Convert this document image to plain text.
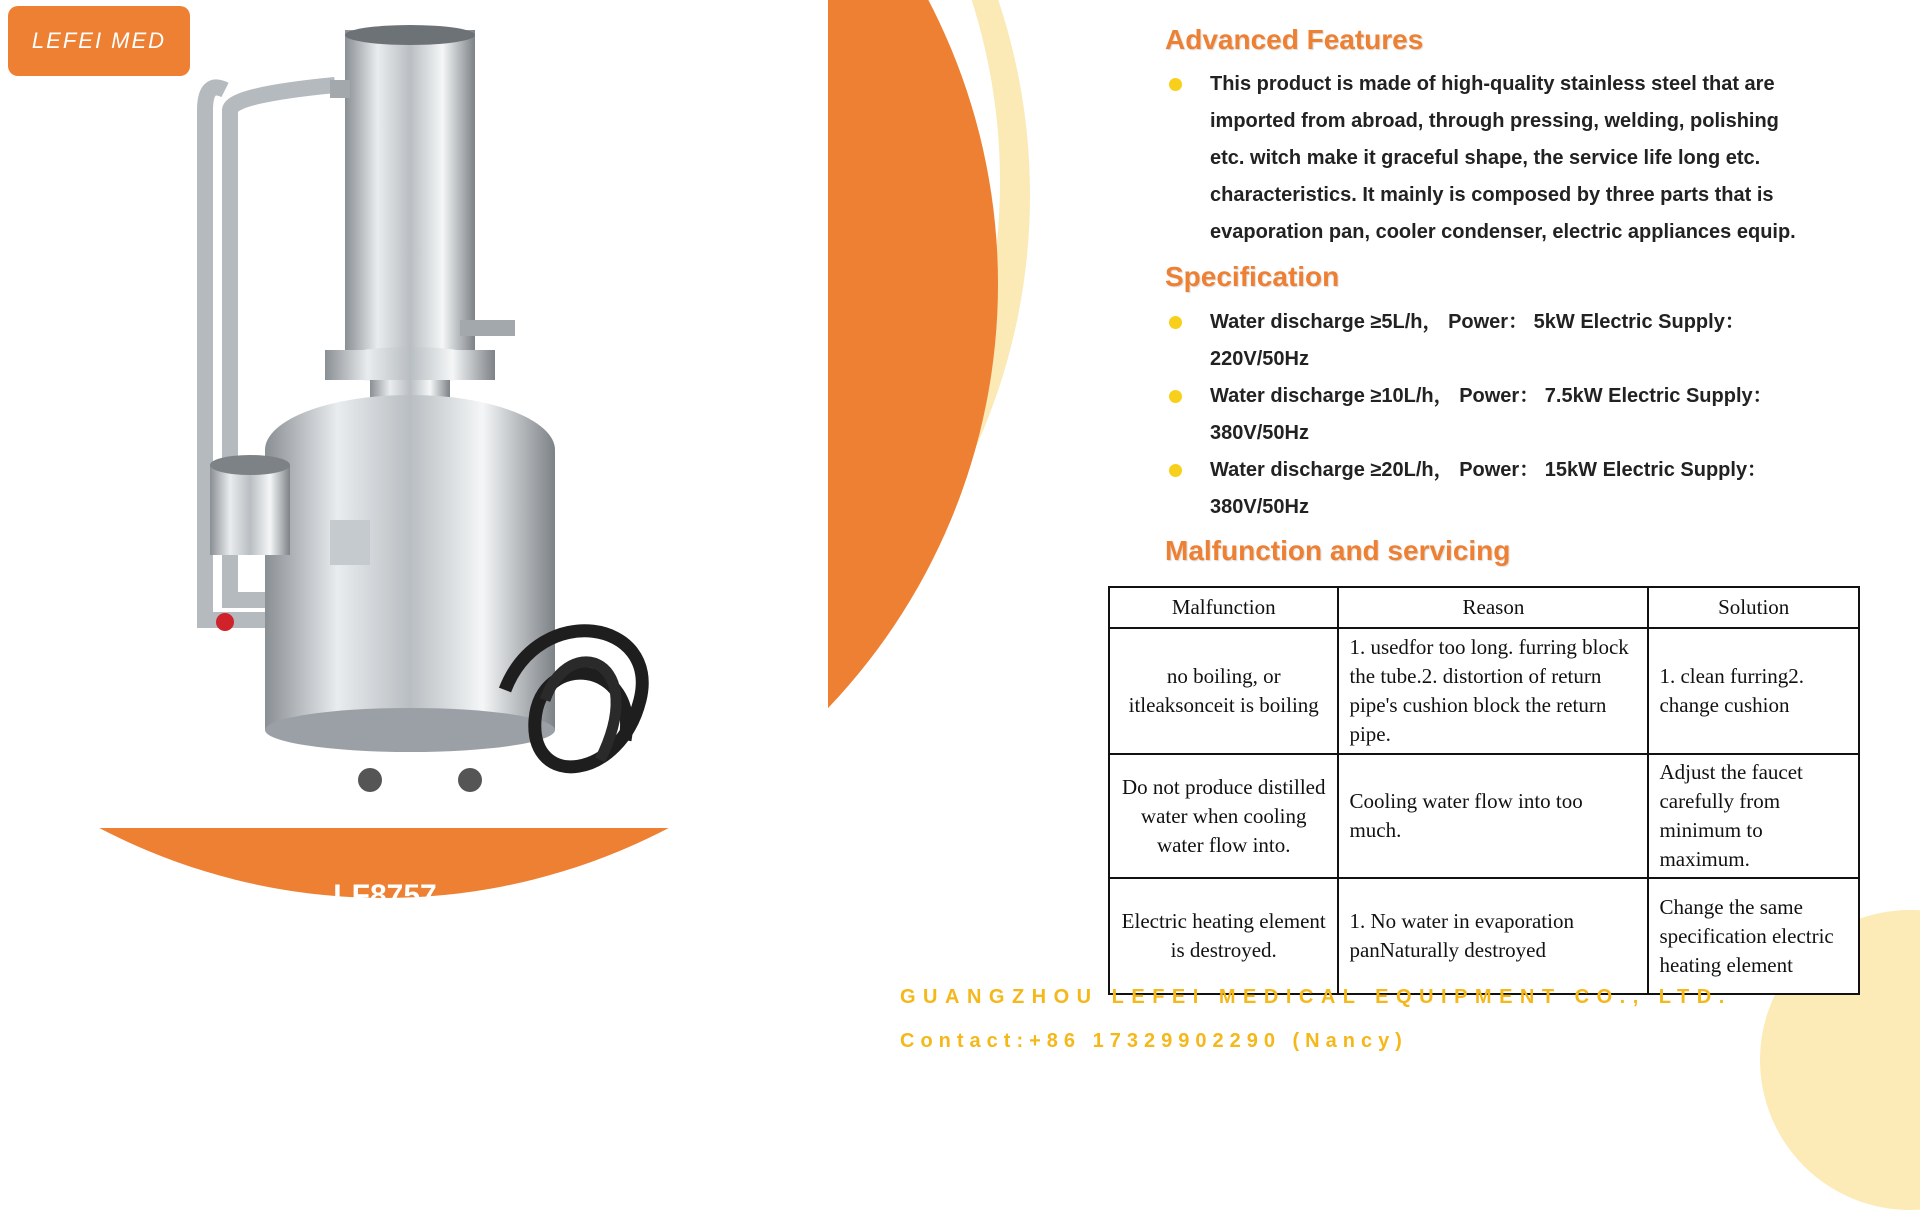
LEFEI MED
LF8757
Electric Water Distiller
Advanced Features
This product is made of high-quality stainless steel that are
imported from abroad, through pressing, welding, polishing
etc. witch make it graceful shape, the service life long etc.
characteristics. It mainly is composed by three parts that is
evaporation pan, cooler condenser, electric appliances equip.
Specification
Water discharge ≥5L/h， Power： 5kW Electric Supply：
220V/50Hz
Water discharge ≥10L/h， Power： 7.5kW Electric Supply：
380V/50Hz
Water discharge ≥20L/h， Power： 15kW Electric Supply：
380V/50Hz
Malfunction and servicing
Malfunction	Reason	Solution
no boiling, or itleaksonceit is boiling	1. usedfor too long. furring block the tube.2. distortion of return pipe's cushion block the return pipe.	1. clean furring2. change cushion
Do not produce distilled water when cooling water flow into.	Cooling water flow into too much.	Adjust the faucet carefully from minimum to maximum.
Electric heating element is destroyed.	1. No water in evaporation panNaturally destroyed	Change the same specification electric heating element
GUANGZHOU LEFEI MEDICAL EQUIPMENT CO., LTD.
Contact:+86 17329902290 (Nancy)
